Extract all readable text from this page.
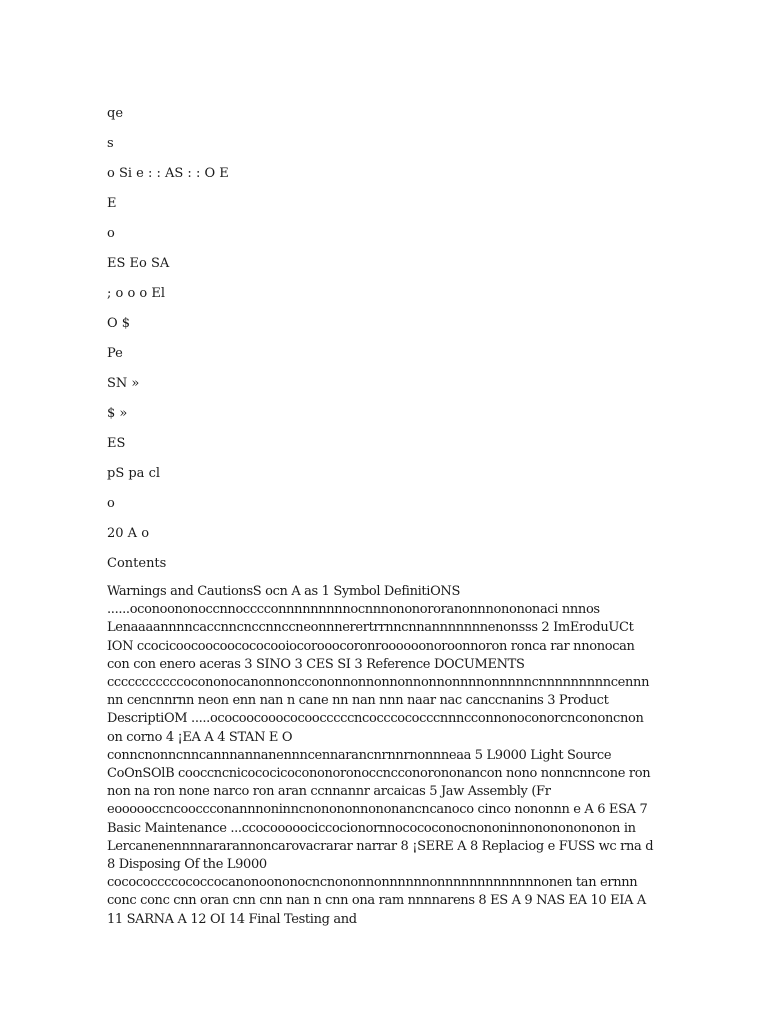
qe
s
o Si e : : AS : : O E
E
o
ES Eo SA
; o o o El
O $
Pe
SN »
$ »
ES
pS pa cl
o
20 A o
Contents

Warnings and CautionsS ocn A as 1 Symbol DefinitiONS ......oconoononoccnnocccconnnnnnnnnocnnnononororanonnnonononaci nnnos Lenaaaannnncaccnncnccnnccneonnnerertrrnncnnannnnnnnenonsss 2 ImEroduUCt ION ccocicoocoocoocococooiocorooocoronroooooonoroonnoron ronca rar nnonocan con con enero aceras 3 SINO 3 CES SI 3 Reference DOCUMENTS cccccccccccocononocanonnonccononnonnonnonnonnonnnnonnnnncnnnnnnnnncennn nn cencnnrnn neon enn nan n cane nn nan nnn naar nac canccnanins 3 Product DescriptiOM .....ococoocooococoocccccncocccococccnnncconnonoconorcncononcnon on corno 4 ¡EA A 4 STAN E O conncnonncnncannnannanennncennarancnrnnrnonnneaa 5 L9000 Light Source CoOnSOlB cooccncnicococicocononoronoccncconorononancon nono nonncnncone ron non na ron none narco ron aran ccnnannr arcaicas 5 Jaw Assembly (Fr eoooooccncooccconannnoninncnonononnononancncanoco cinco nononnn e A 6 ESA 7 Basic Maintenance ...ccocooooociccocionornnocococonocnononinnonononononon in Lercanenennnnararannoncarovacrarar narrar 8 ¡SERE A 8 Replaciog e FUSS wc rna d 8 Disposing Of the L9000 cocococcccococcocanonoononocncnononnonnnnnnonnnnnnnnnnnnnonen tan ernnn conc conc cnn oran cnn cnn nan n cnn ona ram nnnnarens 8 ES A 9 NAS EA 10 EIA A 11 SARNA A 12 OI 14 Final Testing and
